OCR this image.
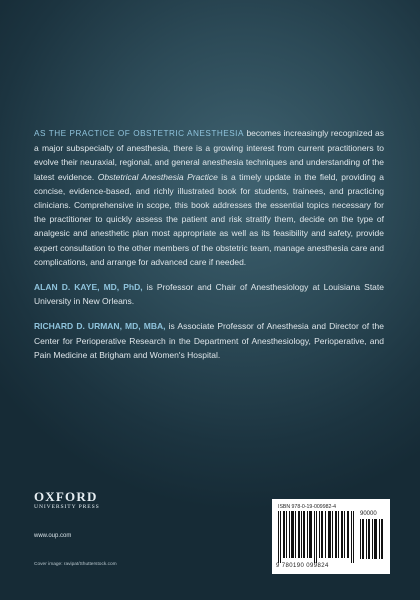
AS THE PRACTICE OF OBSTETRIC ANESTHESIA becomes increasingly recognized as a major subspecialty of anesthesia, there is a growing interest from current practitioners to evolve their neuraxial, regional, and general anesthesia techniques and understanding of the latest evidence. Obstetrical Anesthesia Practice is a timely update in the field, providing a concise, evidence-based, and richly illustrated book for students, trainees, and practicing clinicians. Comprehensive in scope, this book addresses the essential topics necessary for the practitioner to quickly assess the patient and risk stratify them, decide on the type of analgesic and anesthetic plan most appropriate as well as its feasibility and safety, provide expert consultation to the other members of the obstetric team, manage anesthesia care and complications, and arrange for advanced care if needed.

ALAN D. KAYE, MD, PhD, is Professor and Chair of Anesthesiology at Louisiana State University in New Orleans.

RICHARD D. URMAN, MD, MBA, is Associate Professor of Anesthesia and Director of the Center for Perioperative Research in the Department of Anesthesiology, Perioperative, and Pain Medicine at Brigham and Women's Hospital.

OXFORD
UNIVERSITY PRESS
www.oup.com
Cover image: ravipat/Shutterstock.com
ISBN 978-0-19-009982-4
90000
9 780190 099824
